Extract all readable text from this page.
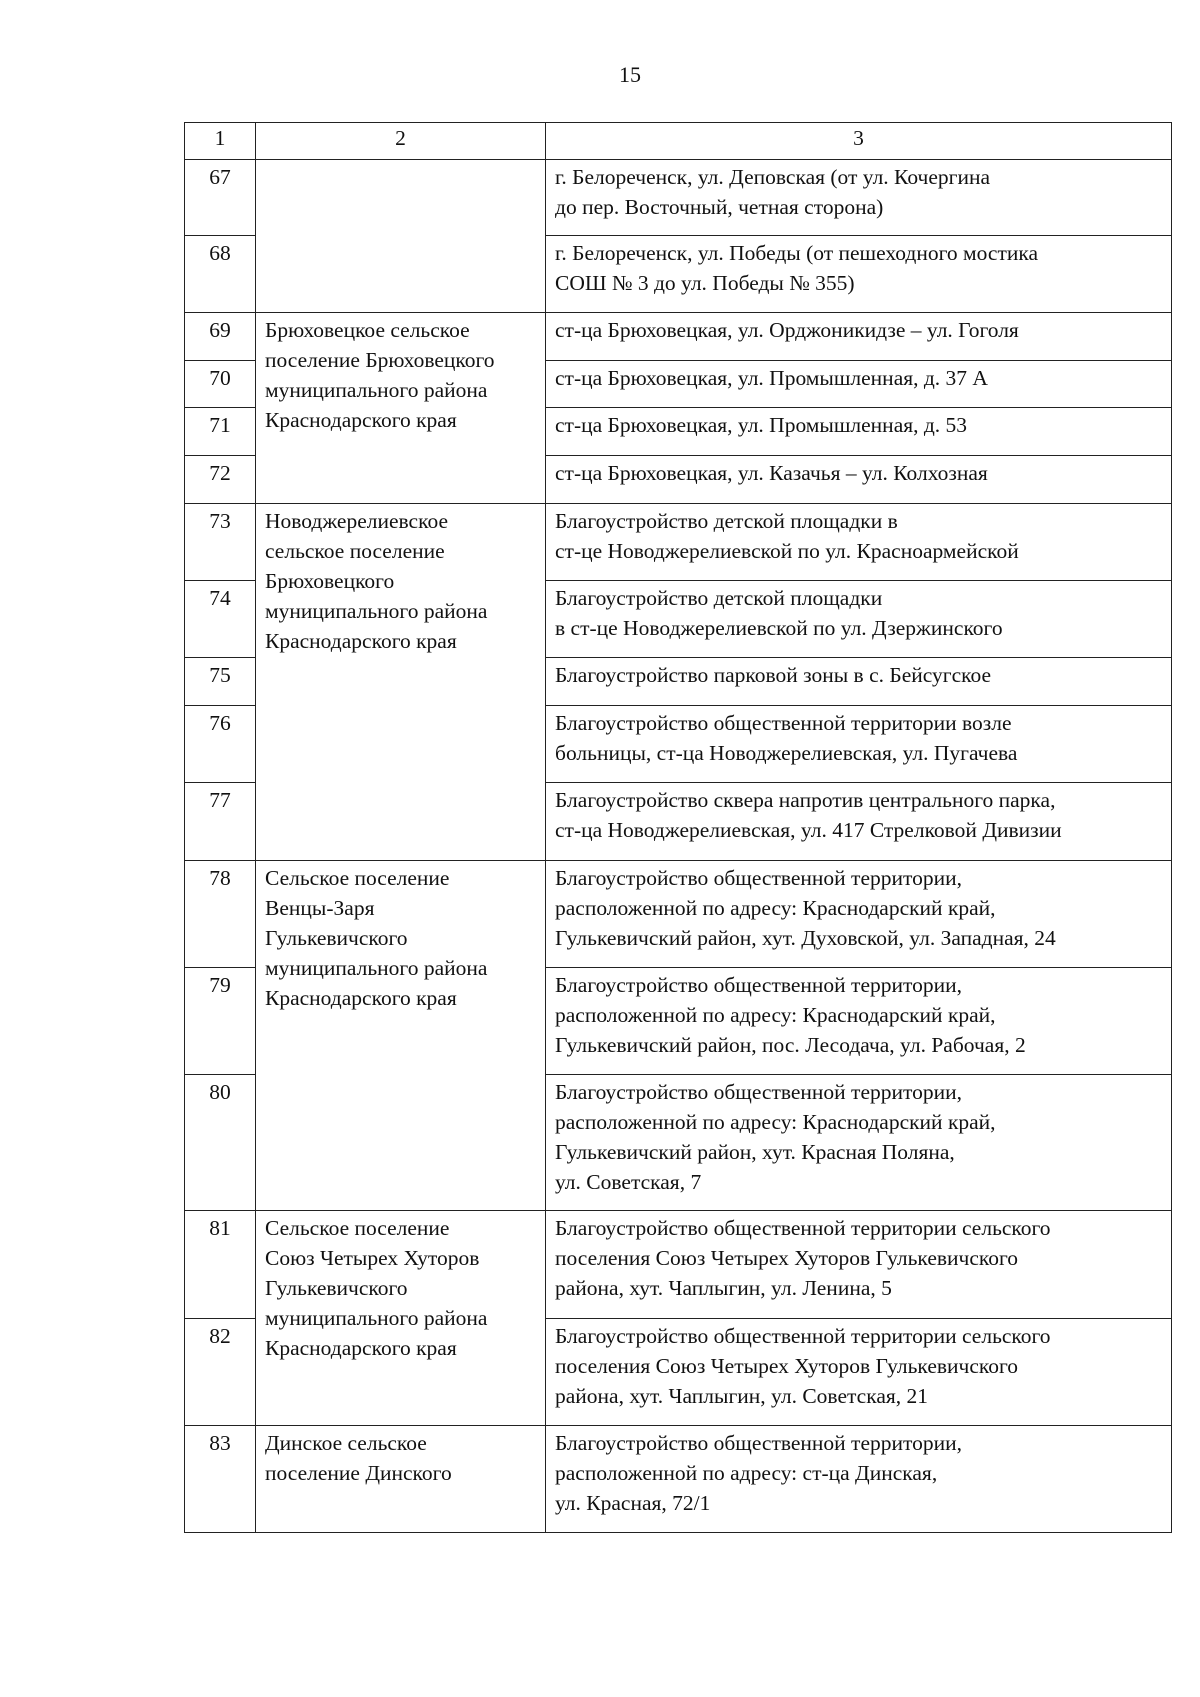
15
1	2	3
67		г. Белореченск, ул. Деповская (от ул. Кочергина
до пер. Восточный, четная сторона)
68		г. Белореченск, ул. Победы (от пешеходного мостика
СОШ № 3 до ул. Победы № 355)
69	Брюховецкое сельское
поселение Брюховецкого
муниципального района
Краснодарского края	ст-ца Брюховецкая, ул. Орджоникидзе – ул. Гоголя
70		ст-ца Брюховецкая, ул. Промышленная, д. 37 А
71		ст-ца Брюховецкая, ул. Промышленная, д. 53
72		ст-ца Брюховецкая, ул. Казачья – ул. Колхозная
73	Новоджерелиевское
сельское поселение
Брюховецкого
муниципального района
Краснодарского края	Благоустройство детской площадки в
ст-це Новоджерелиевской по ул. Красноармейской
74		Благоустройство детской площадки
в ст-це Новоджерелиевской по ул. Дзержинского
75		Благоустройство парковой зоны в с. Бейсугское
76		Благоустройство общественной территории возле
больницы, ст-ца Новоджерелиевская, ул. Пугачева
77		Благоустройство сквера напротив центрального парка,
ст-ца Новоджерелиевская, ул. 417 Стрелковой Дивизии
78	Сельское поселение
Венцы-Заря
Гулькевичского
муниципального района
Краснодарского края	Благоустройство общественной территории,
расположенной по адресу: Краснодарский край,
Гулькевичский район, хут. Духовской, ул. Западная, 24
79		Благоустройство общественной территории,
расположенной по адресу: Краснодарский край,
Гулькевичский район, пос. Лесодача, ул. Рабочая, 2
80		Благоустройство общественной территории,
расположенной по адресу: Краснодарский край,
Гулькевичский район, хут. Красная Поляна,
ул. Советская, 7
81	Сельское поселение
Союз Четырех Хуторов
Гулькевичского
муниципального района
Краснодарского края	Благоустройство общественной территории сельского
поселения Союз Четырех Хуторов Гулькевичского
района, хут. Чаплыгин, ул. Ленина, 5
82		Благоустройство общественной территории сельского
поселения Союз Четырех Хуторов Гулькевичского
района, хут. Чаплыгин, ул. Советская, 21
83	Динское сельское
поселение Динского	Благоустройство общественной территории,
расположенной по адресу: ст-ца Динская,
ул. Красная, 72/1
